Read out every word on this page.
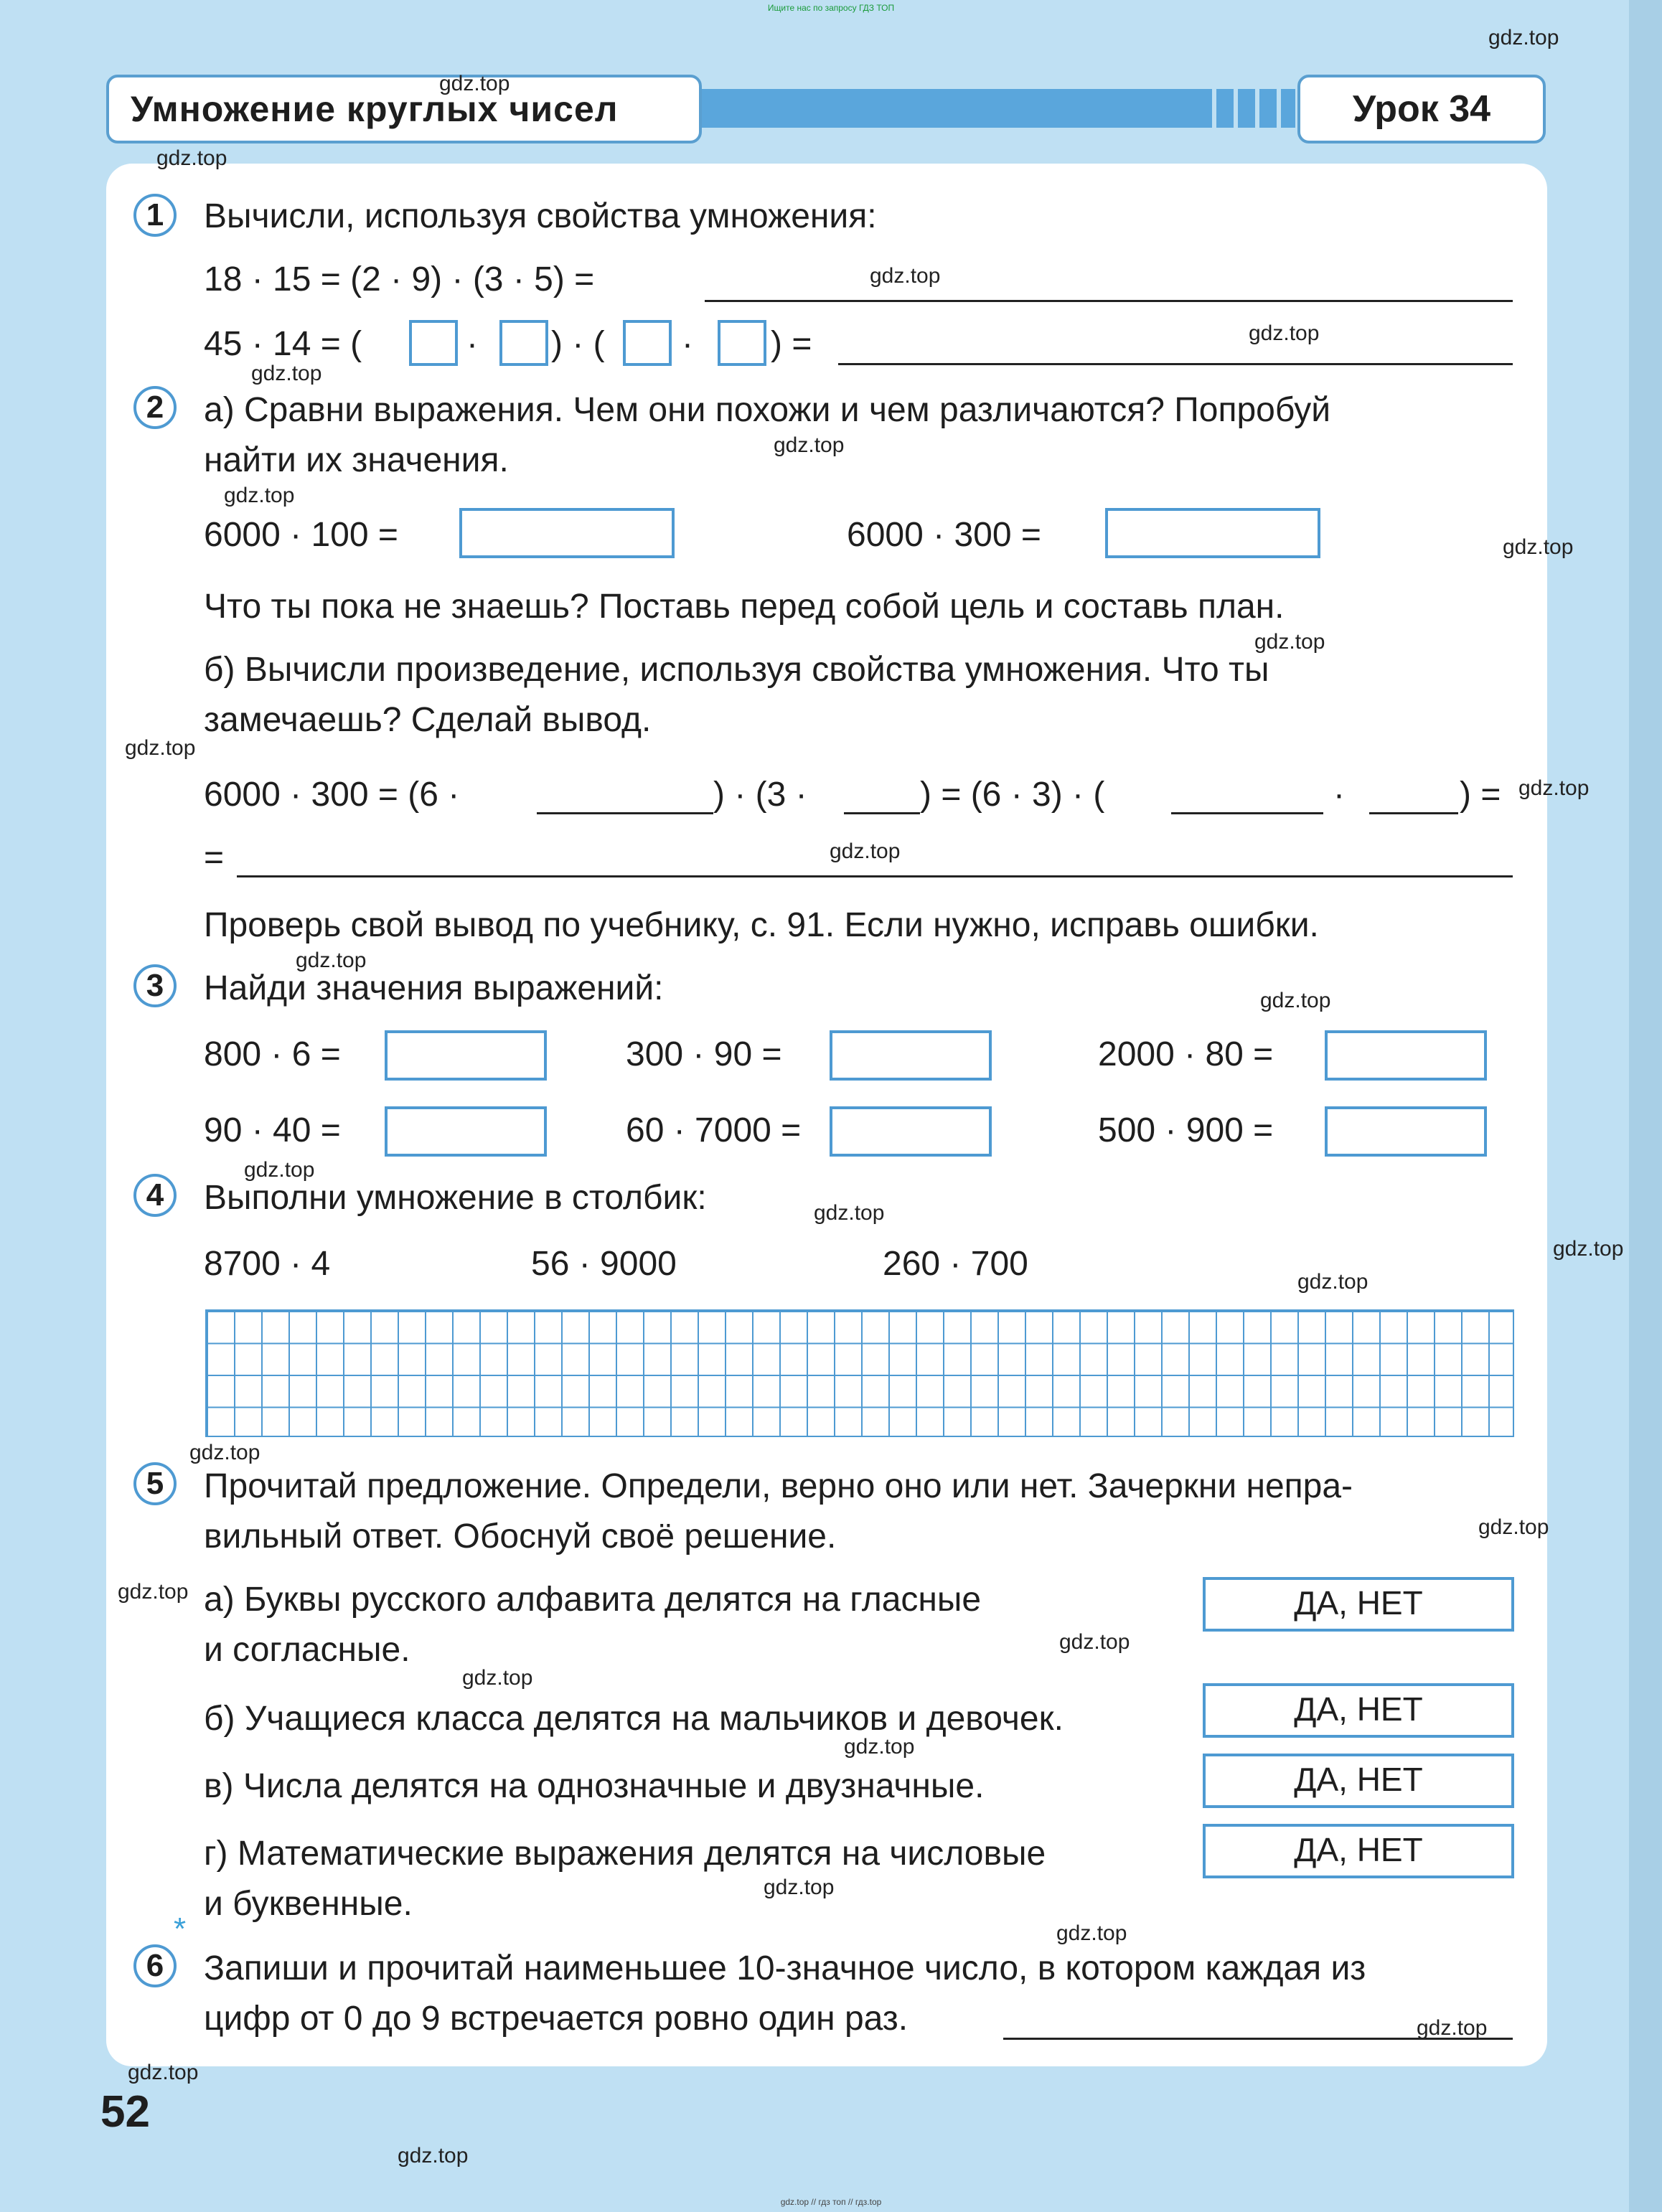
Ищите нас по запросу ГДЗ ТОП
Умножение круглых чисел	Урок 34
1	Вычисли, используя свойства умножения:
18 · 15 = (2 · 9) · (3 · 5) =
45 · 14 = (	· ) · ( · ) =
2	а) Сравни выражения. Чем они похожи и чем различаются? Попробуй
найти их значения.
6000 · 100 =	6000 · 300 =
Что ты пока не знаешь? Поставь перед собой цель и составь план.
б) Вычисли произведение, используя свойства умножения. Что ты
замечаешь? Сделай вывод.
6000 · 300 = (6 ·	) · (3 ·	) = (6 · 3) · (	·	) =
=
Проверь свой вывод по учебнику, с. 91. Если нужно, исправь ошибки.
3	Найди значения выражений:
800 · 6 =	300 · 90 =	2000 · 80 =
90 · 40 =	60 · 7000 =	500 · 900 =
4	Выполни умножение в столбик:
8700 · 4	56 · 9000	260 · 700
5	Прочитай предложение. Определи, верно оно или нет. Зачеркни непра-
вильный ответ. Обоснуй своё решение.
а) Буквы русского алфавита делятся на гласные
и согласные.
ДА, НЕТ
б) Учащиеся класса делятся на мальчиков и девочек.	ДА, НЕТ
в) Числа делятся на однозначные и двузначные.	ДА, НЕТ
г) Математические выражения делятся на числовые
и буквенные.
ДА, НЕТ
*
6	Запиши и прочитай наименьшее 10-значное число, в котором каждая из
цифр от 0 до 9 встречается ровно один раз.
52
gdz.top // гдз топ // гдз.top
gdz.top
gdz.top
gdz.top
gdz.top
gdz.top
gdz.top
gdz.top
gdz.top
gdz.top
gdz.top
gdz.top
gdz.top
gdz.top
gdz.top
gdz.top
gdz.top
gdz.top
gdz.top
gdz.top
gdz.top
gdz.top
gdz.top
gdz.top
gdz.top
gdz.top
gdz.top
gdz.top
gdz.top
gdz.top
gdz.top
